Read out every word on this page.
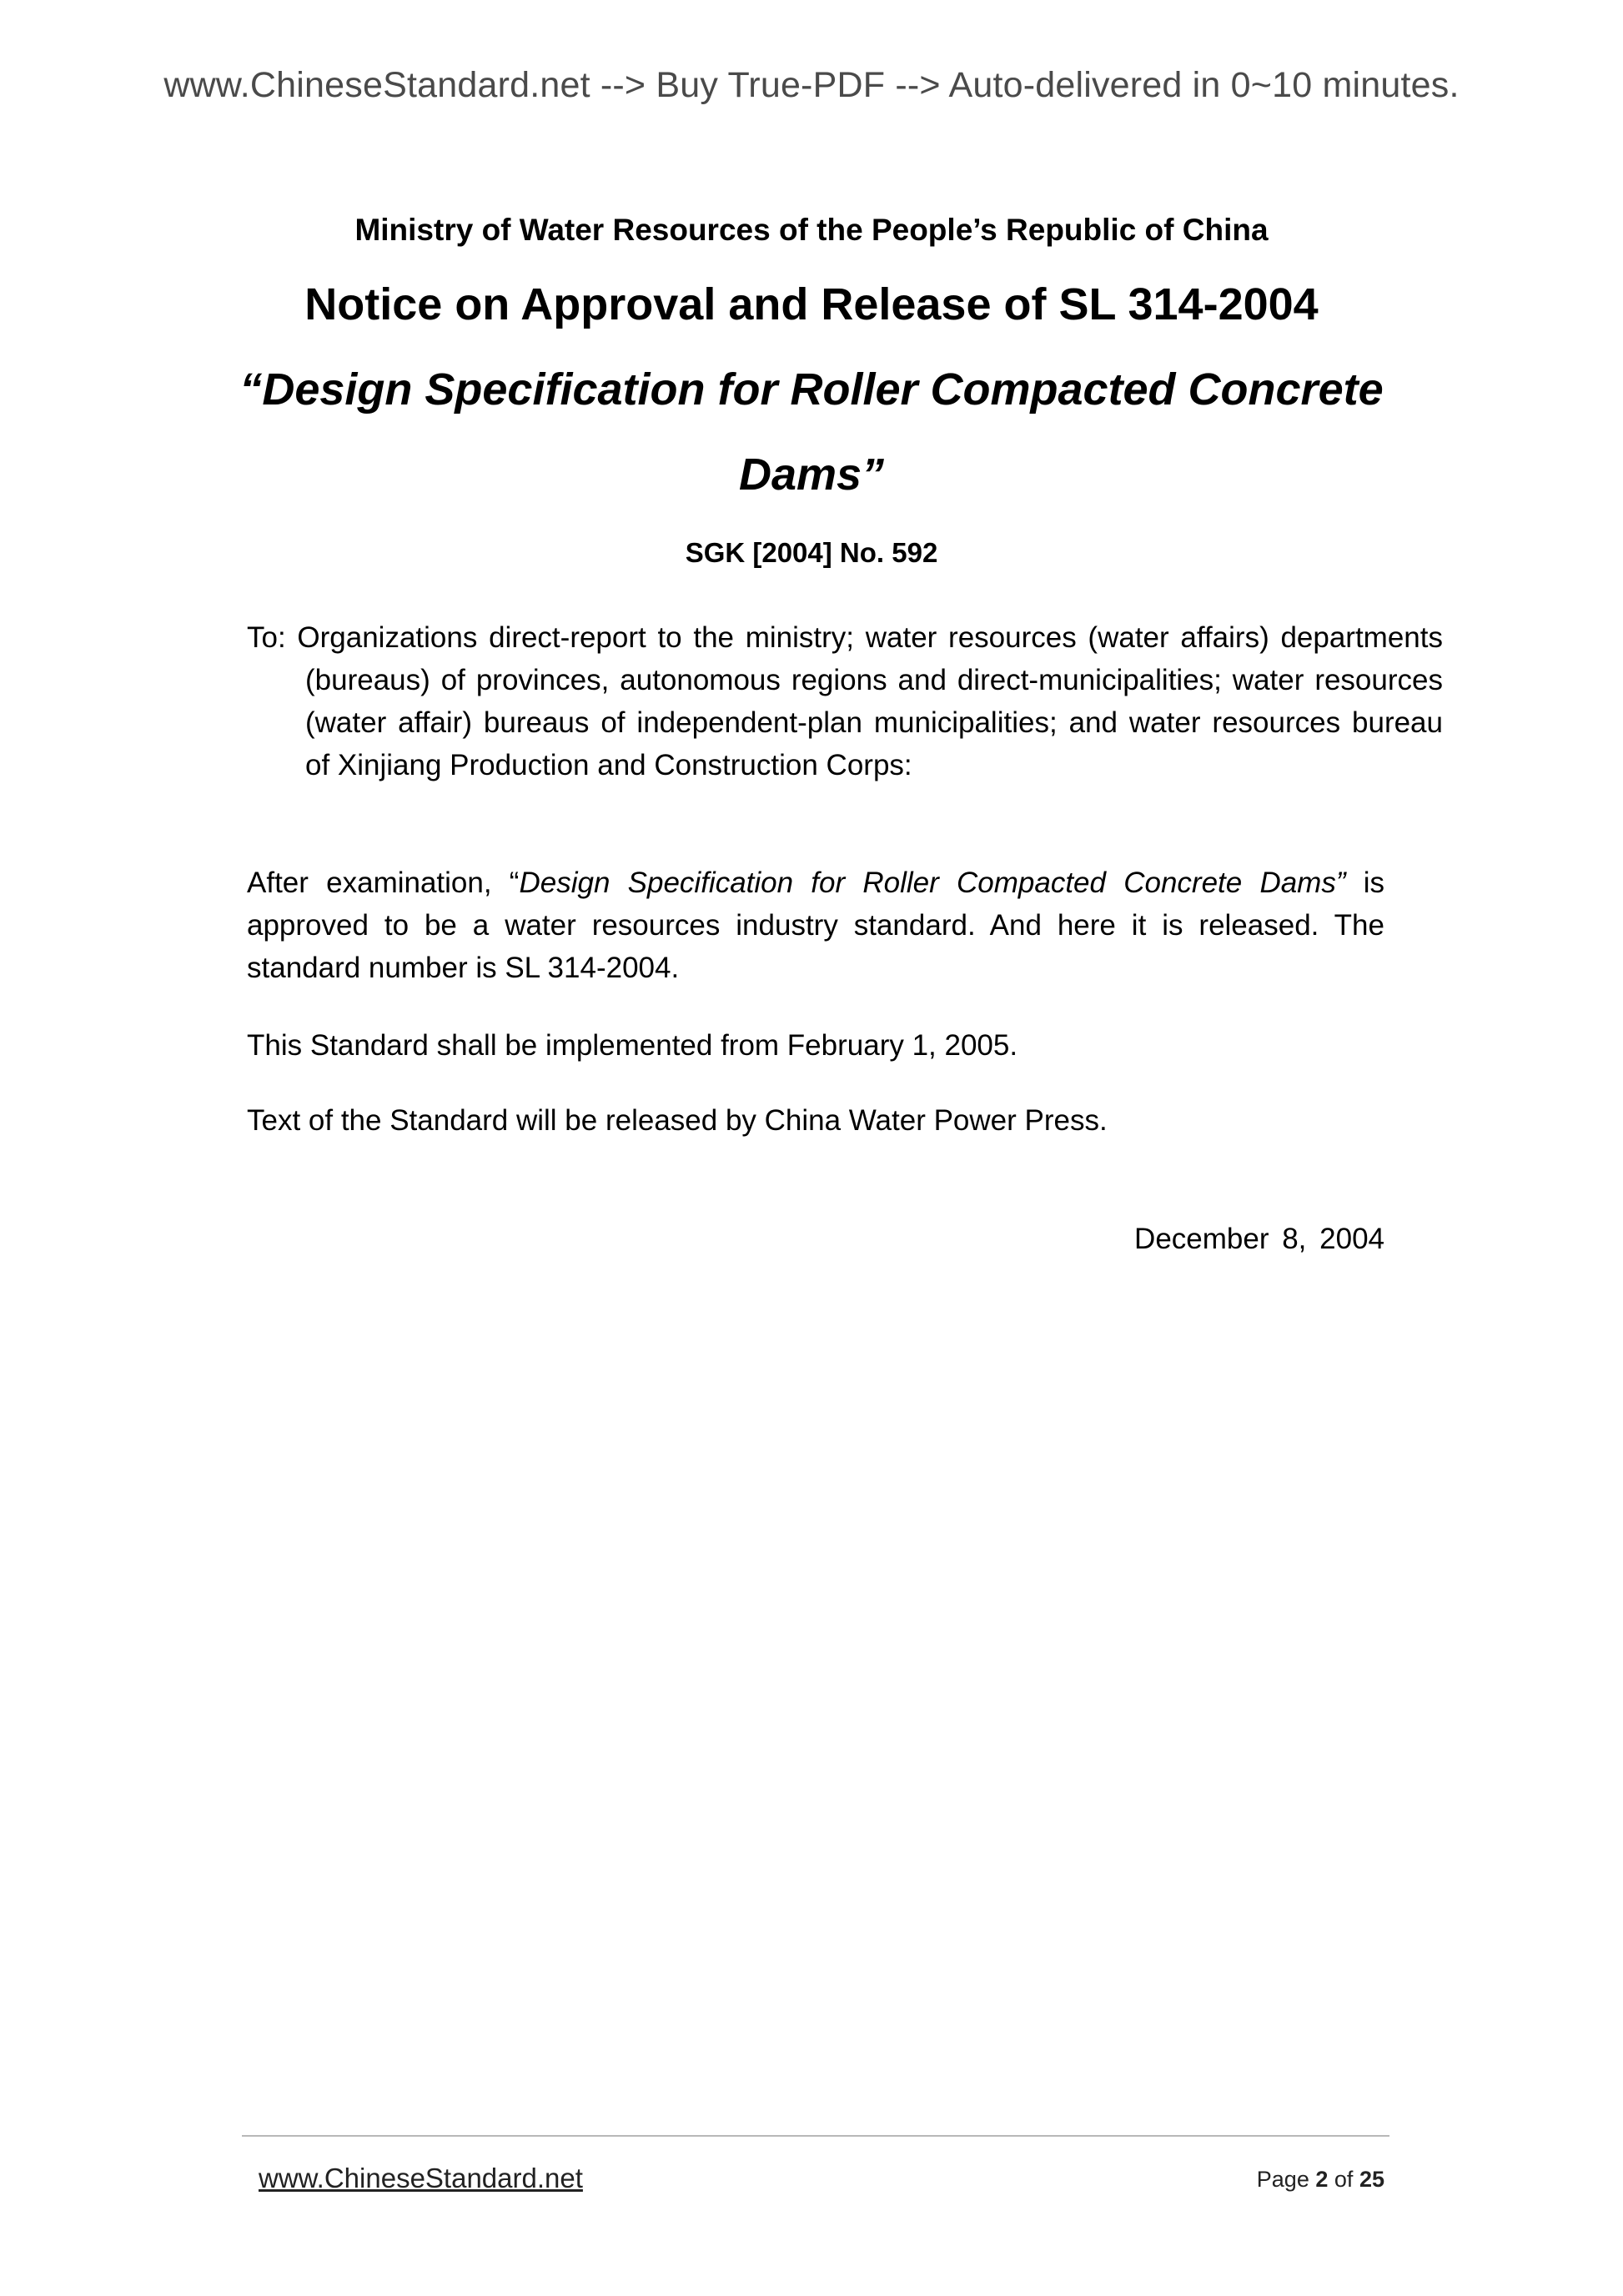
www.ChineseStandard.net --> Buy True-PDF --> Auto-delivered in 0~10 minutes.
Ministry of Water Resources of the People’s Republic of China
Notice on Approval and Release of SL 314-2004
“Design Specification for Roller Compacted Concrete
Dams”
SGK [2004] No. 592
To: Organizations direct-report to the ministry; water resources (water affairs) departments (bureaus) of provinces, autonomous regions and direct-municipalities; water resources (water affair) bureaus of independent-plan municipalities; and water resources bureau of Xinjiang Production and Construction Corps:
After examination, “Design Specification for Roller Compacted Concrete Dams” is approved to be a water resources industry standard. And here it is released. The standard number is SL 314-2004.
This Standard shall be implemented from February 1, 2005.
Text of the Standard will be released by China Water Power Press.
December 8, 2004
www.ChineseStandard.net	Page 2 of 25
